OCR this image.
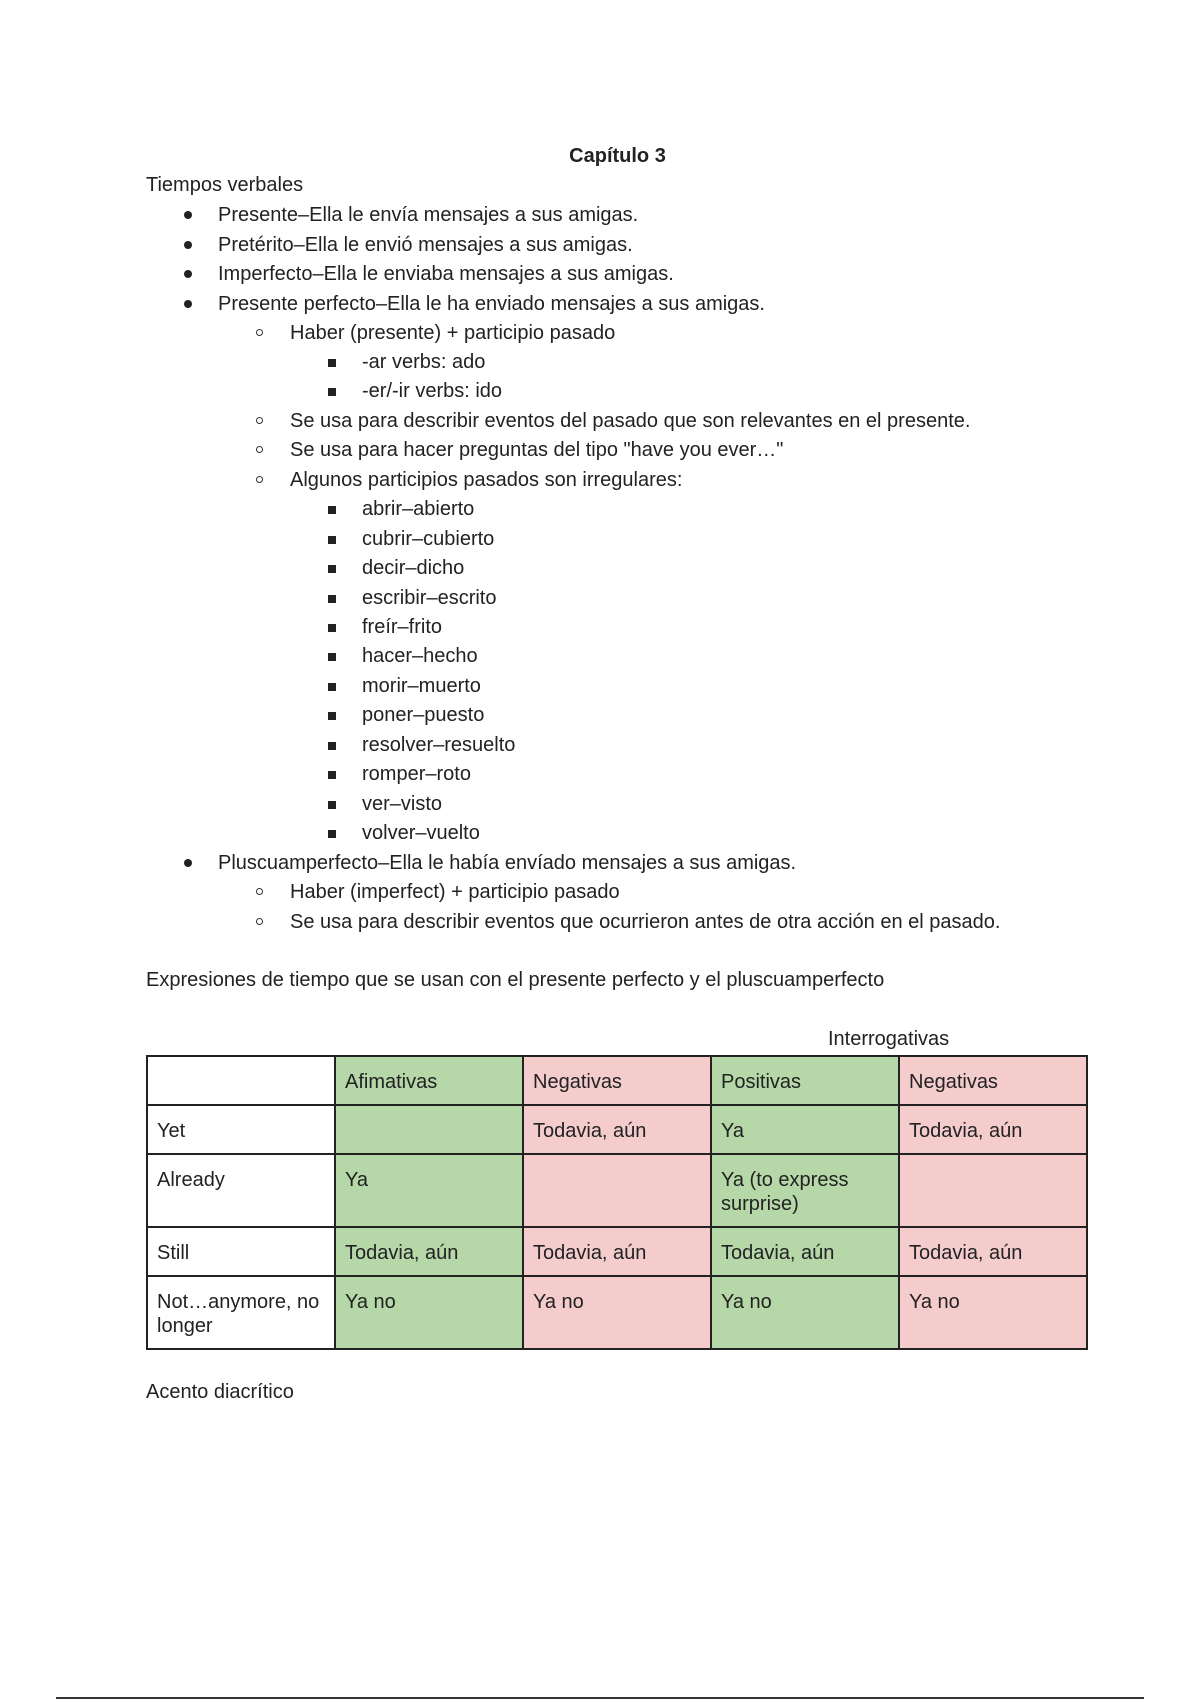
Capítulo 3
Tiempos verbales
Presente–Ella le envía mensajes a sus amigas.
Pretérito–Ella le envió mensajes a sus amigas.
Imperfecto–Ella le enviaba mensajes a sus amigas.
Presente perfecto–Ella le ha enviado mensajes a sus amigas.
Haber (presente) + participio pasado
-ar verbs: ado
-er/-ir verbs: ido
Se usa para describir eventos del pasado que son relevantes en el presente.
Se usa para hacer preguntas del tipo "have you ever…"
Algunos participios pasados son irregulares:
abrir–abierto
cubrir–cubierto
decir–dicho
escribir–escrito
freír–frito
hacer–hecho
morir–muerto
poner–puesto
resolver–resuelto
romper–roto
ver–visto
volver–vuelto
Pluscuamperfecto–Ella le había envíado mensajes a sus amigas.
Haber (imperfect) + participio pasado
Se usa para describir eventos que ocurrieron antes de otra acción en el pasado.
Expresiones de tiempo que se usan con el presente perfecto y el pluscuamperfecto
Interrogativas
	Afimativas	Negativas	Positivas	Negativas
Yet		Todavia, aún	Ya	Todavia, aún
Already	Ya		Ya (to express surprise)	
Still	Todavia, aún	Todavia, aún	Todavia, aún	Todavia, aún
Not…anymore, no longer	Ya no	Ya no	Ya no	Ya no
Acento diacrítico
